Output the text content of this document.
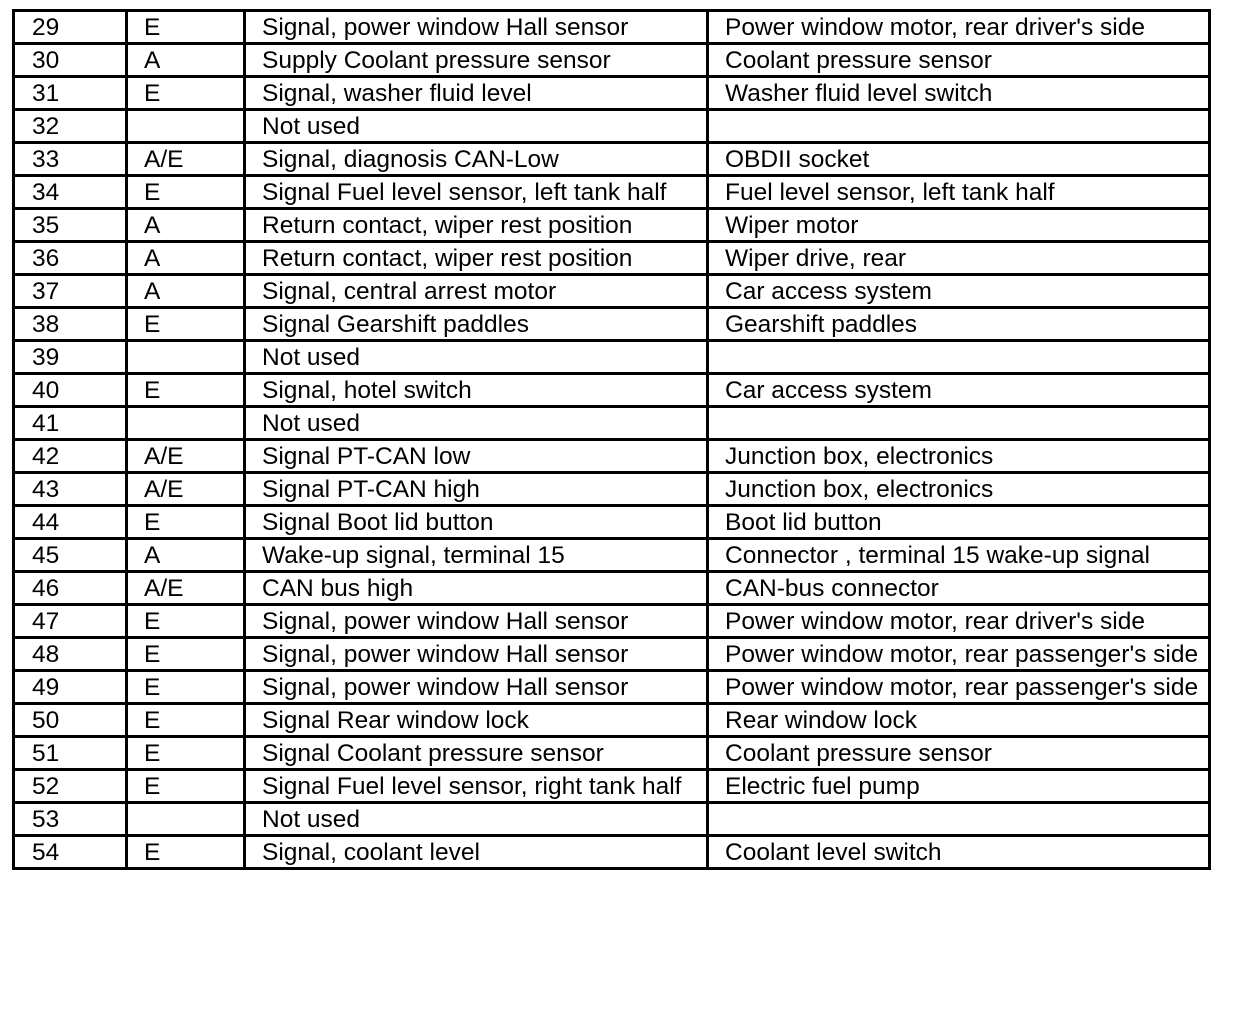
29	E	Signal, power window Hall sensor	Power window motor, rear driver's side
30	A	Supply Coolant pressure sensor	Coolant pressure sensor
31	E	Signal, washer fluid level	Washer fluid level switch
32		Not used	
33	A/E	Signal, diagnosis CAN-Low	OBDII socket
34	E	Signal Fuel level sensor, left tank half	Fuel level sensor, left tank half
35	A	Return contact, wiper rest position	Wiper motor
36	A	Return contact, wiper rest position	Wiper drive, rear
37	A	Signal, central arrest motor	Car access system
38	E	Signal Gearshift paddles	Gearshift paddles
39		Not used	
40	E	Signal, hotel switch	Car access system
41		Not used	
42	A/E	Signal PT-CAN low	Junction box, electronics
43	A/E	Signal PT-CAN high	Junction box, electronics
44	E	Signal Boot lid button	Boot lid button
45	A	Wake-up signal, terminal 15	Connector , terminal 15 wake-up signal
46	A/E	CAN bus high	CAN-bus connector
47	E	Signal, power window Hall sensor	Power window motor, rear driver's side
48	E	Signal, power window Hall sensor	Power window motor, rear passenger's side
49	E	Signal, power window Hall sensor	Power window motor, rear passenger's side
50	E	Signal Rear window lock	Rear window lock
51	E	Signal Coolant pressure sensor	Coolant pressure sensor
52	E	Signal Fuel level sensor, right tank half	Electric fuel pump
53		Not used	
54	E	Signal, coolant level	Coolant level switch
